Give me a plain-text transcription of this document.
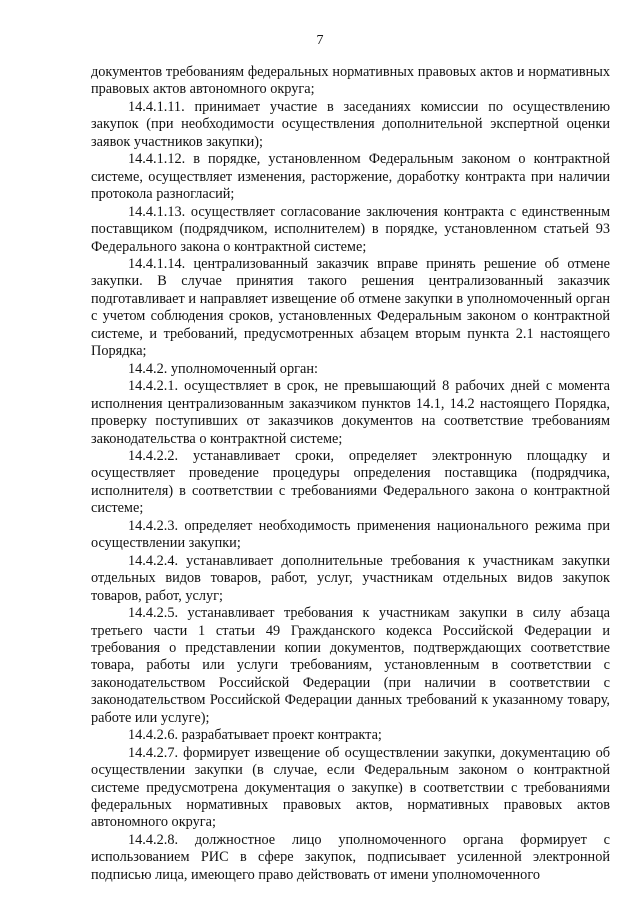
7

документов требованиям федеральных нормативных правовых актов и нормативных правовых актов автономного округа;

14.4.1.11. принимает участие в заседаниях комиссии по осуществлению закупок (при необходимости осуществления дополнительной экспертной оценки заявок участников закупки);

14.4.1.12. в порядке, установленном Федеральным законом о контрактной системе, осуществляет изменения, расторжение, доработку контракта при наличии протокола разногласий;

14.4.1.13. осуществляет согласование заключения контракта с единственным поставщиком (подрядчиком, исполнителем) в порядке, установленном статьей 93 Федерального закона о контрактной системе;

14.4.1.14. централизованный заказчик вправе принять решение об отмене закупки. В случае принятия такого решения централизованный заказчик подготавливает и направляет извещение об отмене закупки в уполномоченный орган с учетом соблюдения сроков, установленных Федеральным законом о контрактной системе, и требований, предусмотренных абзацем вторым пункта 2.1 настоящего Порядка;

14.4.2. уполномоченный орган:

14.4.2.1. осуществляет в срок, не превышающий 8 рабочих дней с момента исполнения централизованным заказчиком пунктов 14.1, 14.2 настоящего Порядка, проверку поступивших от заказчиков документов на соответствие требованиям законодательства о контрактной системе;

14.4.2.2. устанавливает сроки, определяет электронную площадку и осуществляет проведение процедуры определения поставщика (подрядчика, исполнителя) в соответствии с требованиями Федерального закона о контрактной системе;

14.4.2.3. определяет необходимость применения национального режима при осуществлении закупки;

14.4.2.4. устанавливает дополнительные требования к участникам закупки отдельных видов товаров, работ, услуг, участникам отдельных видов закупок товаров, работ, услуг;

14.4.2.5. устанавливает требования к участникам закупки в силу абзаца третьего части 1 статьи 49 Гражданского кодекса Российской Федерации и требования о представлении копии документов, подтверждающих соответствие товара, работы или услуги требованиям, установленным в соответствии с законодательством Российской Федерации (при наличии в соответствии с законодательством Российской Федерации данных требований к указанному товару, работе или услуге);

14.4.2.6. разрабатывает проект контракта;

14.4.2.7. формирует извещение об осуществлении закупки, документацию об осуществлении закупки (в случае, если Федеральным законом о контрактной системе предусмотрена документация о закупке) в соответствии с требованиями федеральных нормативных правовых актов, нормативных правовых актов автономного округа;

14.4.2.8. должностное лицо уполномоченного органа формирует с использованием РИС в сфере закупок, подписывает усиленной электронной подписью лица, имеющего право действовать от имени уполномоченного
